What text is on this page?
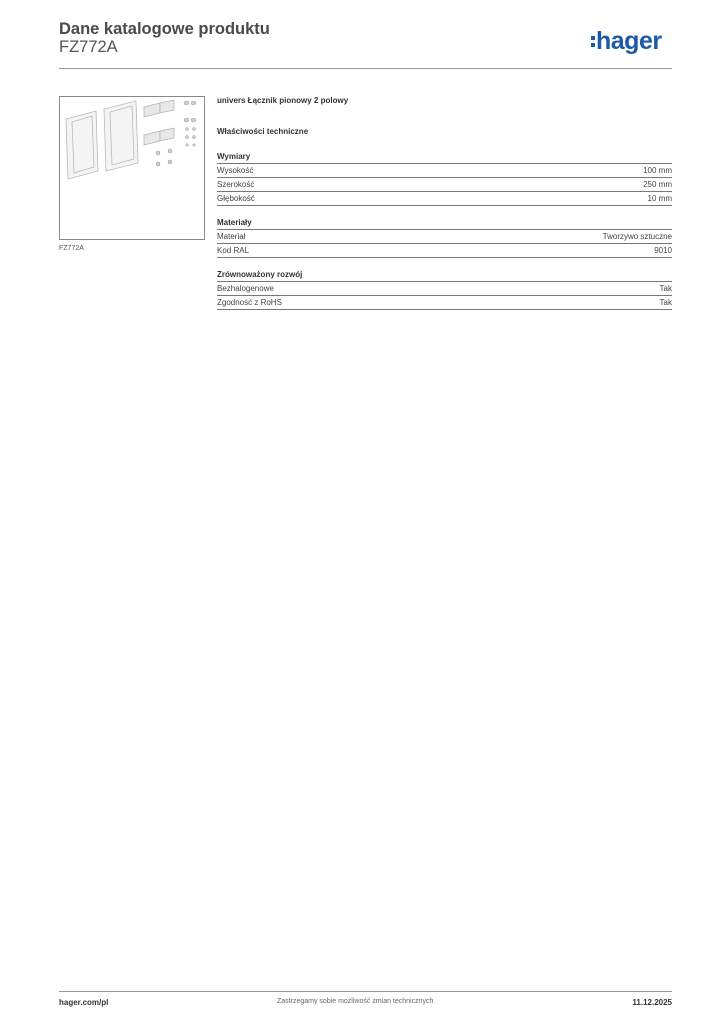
Dane katalogowe produktu
FZ772A	hager
FZ772A
univers Łącznik pionowy 2 polowy
Właściwości techniczne
Wymiary
Wysokość	100 mm
Szerokość	250 mm
Głębokość	10 mm
Materiały
Materiał	Tworzywo sztuczne
Kod RAL	9010
Zrównoważony rozwój
Bezhalogenowe	Tak
Zgodność z RoHS	Tak
hager.com/pl	Zastrzegamy sobie możliwość zmian technicznych	11.12.2025
